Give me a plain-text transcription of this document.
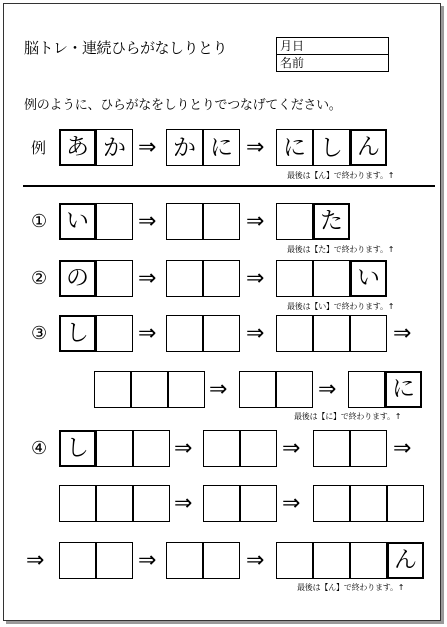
脳トレ・連続ひらがなしりとり	月日
名前
例のように、ひらがなをしりとりでつなげてください。
例 あ か ⇒ か に ⇒ に し ん
最後は【ん】で終わります。↑
① い	⇒	⇒	た
最後は【た】で終わります。↑
② の	⇒	⇒	い
最後は【い】で終わります。↑
③ し	⇒	⇒	⇒
⇒	⇒	に
最後は【に】で終わります。↑
④ し	⇒	⇒	⇒
⇒	⇒
⇒	⇒	⇒	ん
最後は【ん】で終わります。↑
